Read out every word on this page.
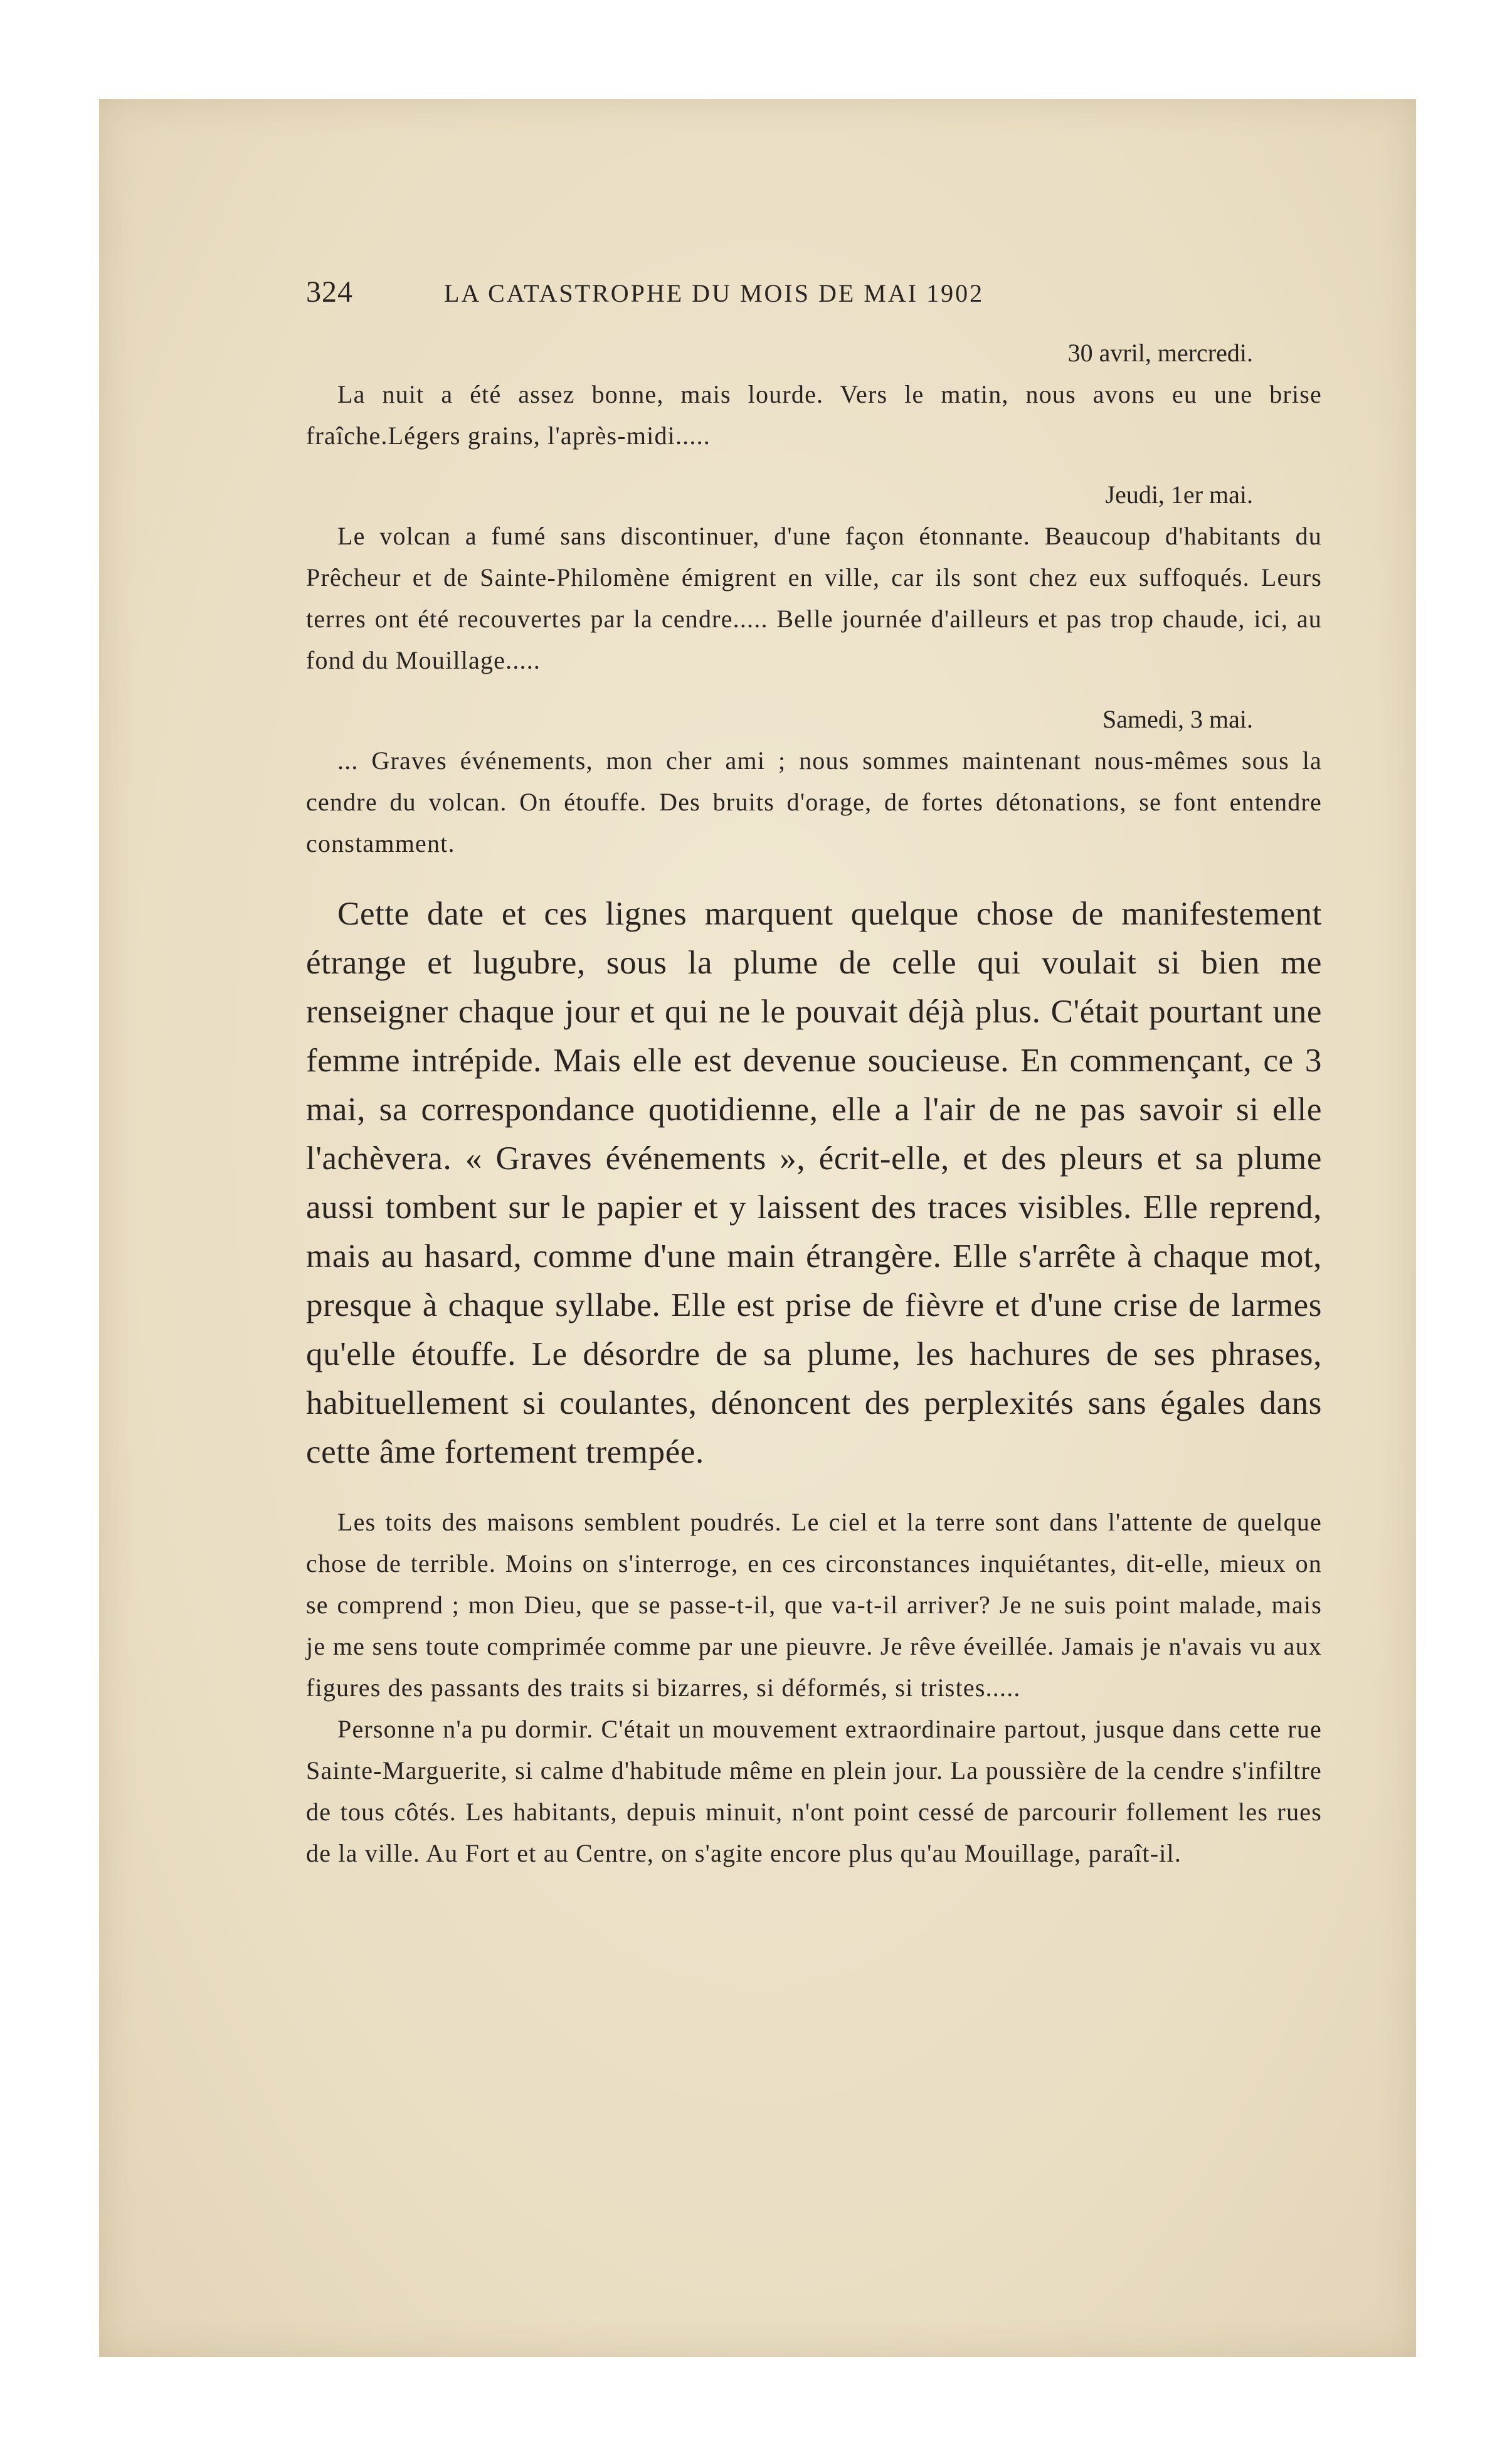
324	LA CATASTROPHE DU MOIS DE MAI 1902

30 avril, mercredi.

La nuit a été assez bonne, mais lourde. Vers le matin, nous avons eu une brise fraîche.Légers grains, l'après-midi.....

Jeudi, 1er mai.

Le volcan a fumé sans discontinuer, d'une façon étonnante. Beaucoup d'habitants du Prêcheur et de Sainte-Philomène émigrent en ville, car ils sont chez eux suffoqués. Leurs terres ont été recouvertes par la cendre..... Belle journée d'ailleurs et pas trop chaude, ici, au fond du Mouillage.....

Samedi, 3 mai.

... Graves événements, mon cher ami ; nous sommes maintenant nous-mêmes sous la cendre du volcan. On étouffe. Des bruits d'orage, de fortes détonations, se font entendre constamment.

Cette date et ces lignes marquent quelque chose de manifestement étrange et lugubre, sous la plume de celle qui voulait si bien me renseigner chaque jour et qui ne le pouvait déjà plus. C'était pourtant une femme intrépide. Mais elle est devenue soucieuse. En commençant, ce 3 mai, sa correspondance quotidienne, elle a l'air de ne pas savoir si elle l'achèvera. « Graves événements », écrit-elle, et des pleurs et sa plume aussi tombent sur le papier et y laissent des traces visibles. Elle reprend, mais au hasard, comme d'une main étrangère. Elle s'arrête à chaque mot, presque à chaque syllabe. Elle est prise de fièvre et d'une crise de larmes qu'elle étouffe. Le désordre de sa plume, les hachures de ses phrases, habituellement si coulantes, dénoncent des perplexités sans égales dans cette âme fortement trempée.

Les toits des maisons semblent poudrés. Le ciel et la terre sont dans l'attente de quelque chose de terrible. Moins on s'interroge, en ces circonstances inquiétantes, dit-elle, mieux on se comprend ; mon Dieu, que se passe-t-il, que va-t-il arriver? Je ne suis point malade, mais je me sens toute comprimée comme par une pieuvre. Je rêve éveillée. Jamais je n'avais vu aux figures des passants des traits si bizarres, si déformés, si tristes.....

Personne n'a pu dormir. C'était un mouvement extraordinaire partout, jusque dans cette rue Sainte-Marguerite, si calme d'habitude même en plein jour. La poussière de la cendre s'infiltre de tous côtés. Les habitants, depuis minuit, n'ont point cessé de parcourir follement les rues de la ville. Au Fort et au Centre, on s'agite encore plus qu'au Mouillage, paraît-il.
